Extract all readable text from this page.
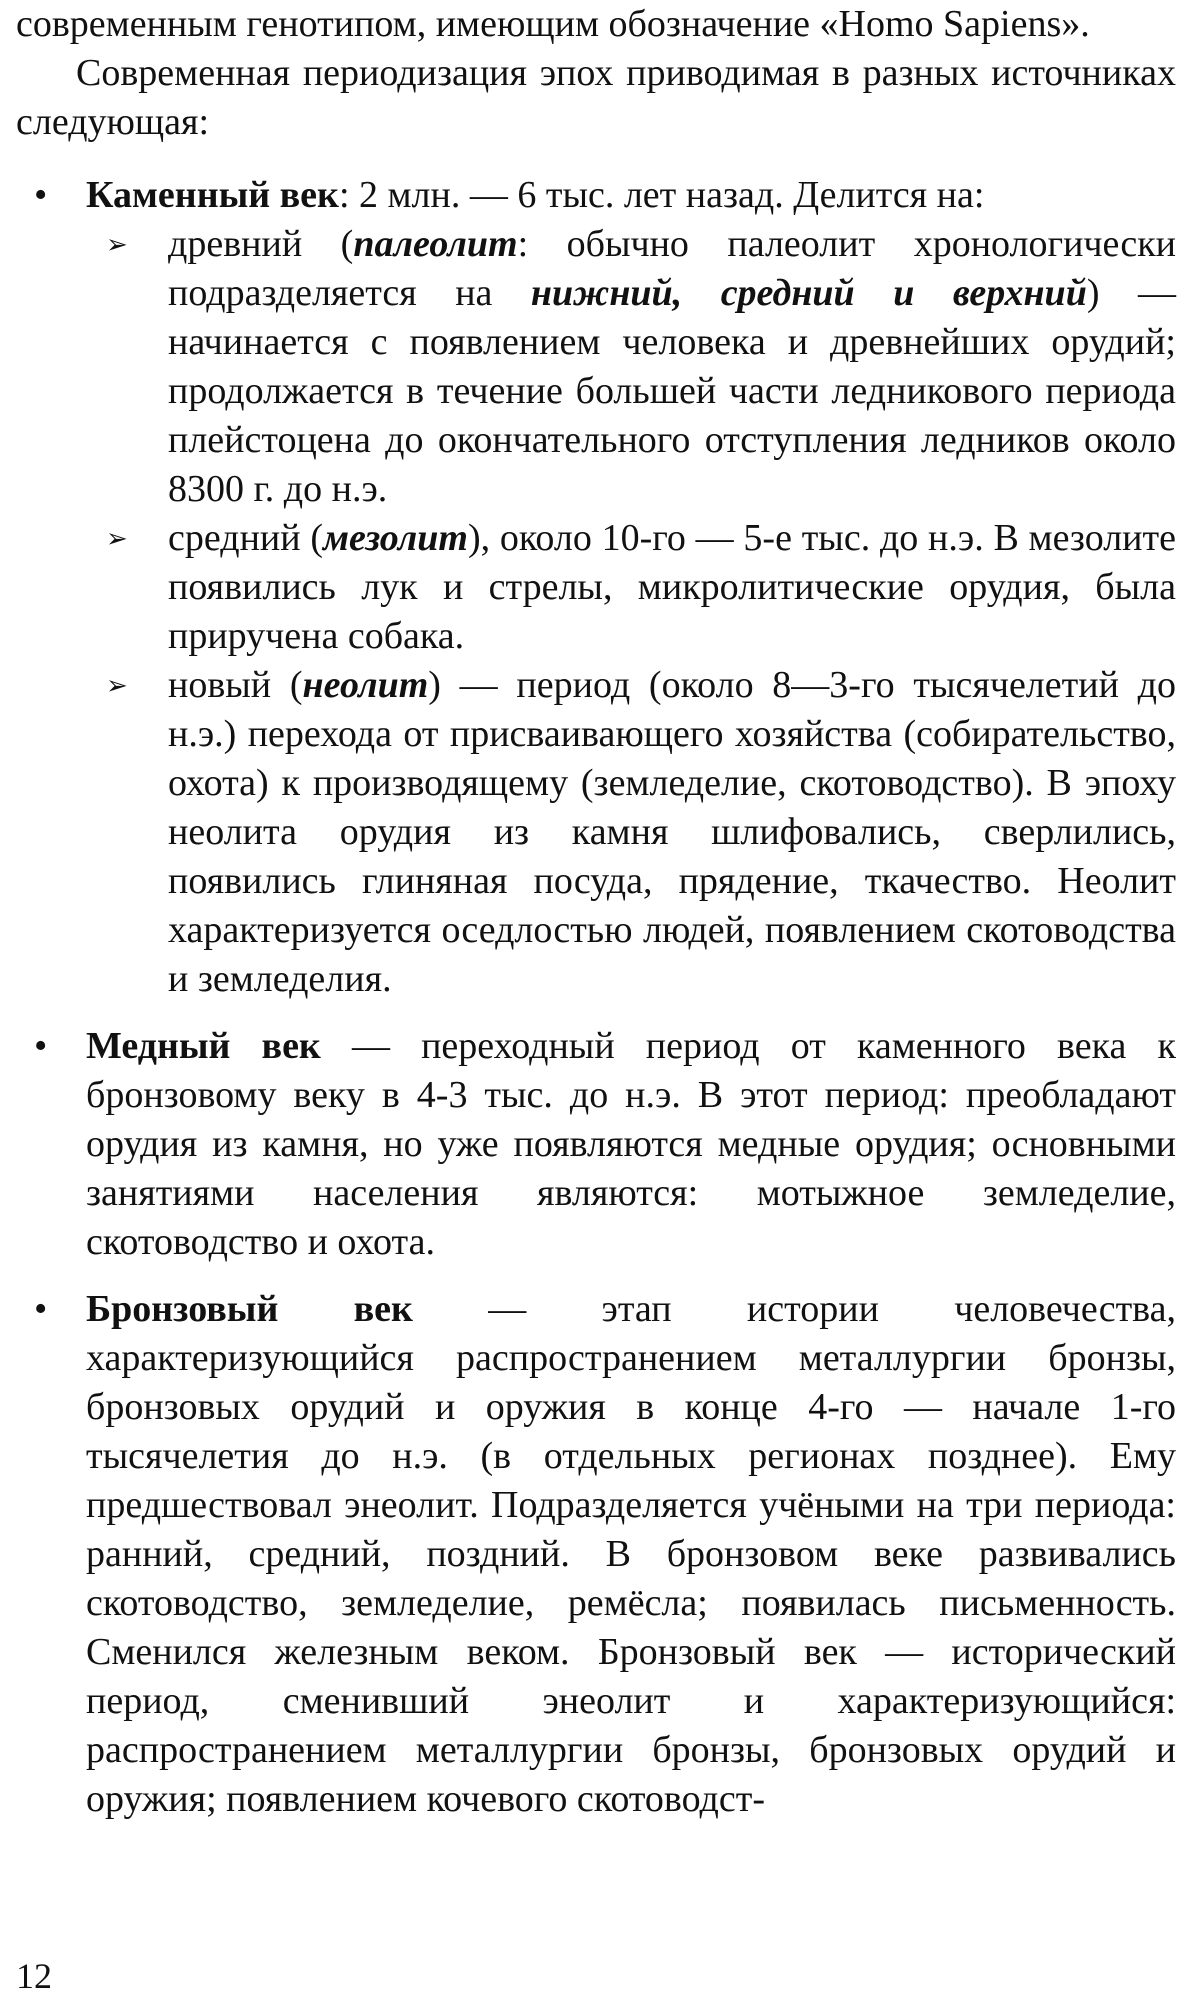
современным генотипом, имеющим обозначение «Homo Sapiens».

Современная периодизация эпох приводимая в разных источниках следующая:

• Каменный век: 2 млн. — 6 тыс. лет назад. Делится на:
➢ древний (палеолит: обычно палеолит хронологически подразделяется на нижний, средний и верхний) — начинается с появлением человека и древнейших орудий; продолжается в течение большей части ледникового периода плейстоцена до окончательного отступления ледников около 8300 г. до н.э.
➢ средний (мезолит), около 10-го — 5-е тыс. до н.э. В мезолите появились лук и стрелы, микролитические орудия, была приручена собака.
➢ новый (неолит) — период (около 8—3-го тысячелетий до н.э.) перехода от присваивающего хозяйства (собирательство, охота) к производящему (земледелие, скотоводство). В эпоху неолита орудия из камня шлифовались, сверлились, появились глиняная посуда, прядение, ткачество. Неолит характеризуется оседлостью людей, появлением скотоводства и земледелия.
• Медный век — переходный период от каменного века к бронзовому веку в 4-3 тыс. до н.э. В этот период: преобладают орудия из камня, но уже появляются медные орудия; основными занятиями населения являются: мотыжное земледелие, скотоводство и охота.
• Бронзовый век — этап истории человечества, характеризующийся распространением металлургии бронзы, бронзовых орудий и оружия в конце 4-го — начале 1-го тысячелетия до н.э. (в отдельных регионах позднее). Ему предшествовал энеолит. Подразделяется учёными на три периода: ранний, средний, поздний. В бронзовом веке развивались скотоводство, земледелие, ремёсла; появилась письменность. Сменился железным веком. Бронзовый век — исторический период, сменивший энеолит и характеризующийся: распространением металлургии бронзы, бронзовых орудий и оружия; появлением кочевого скотоводст-
12
